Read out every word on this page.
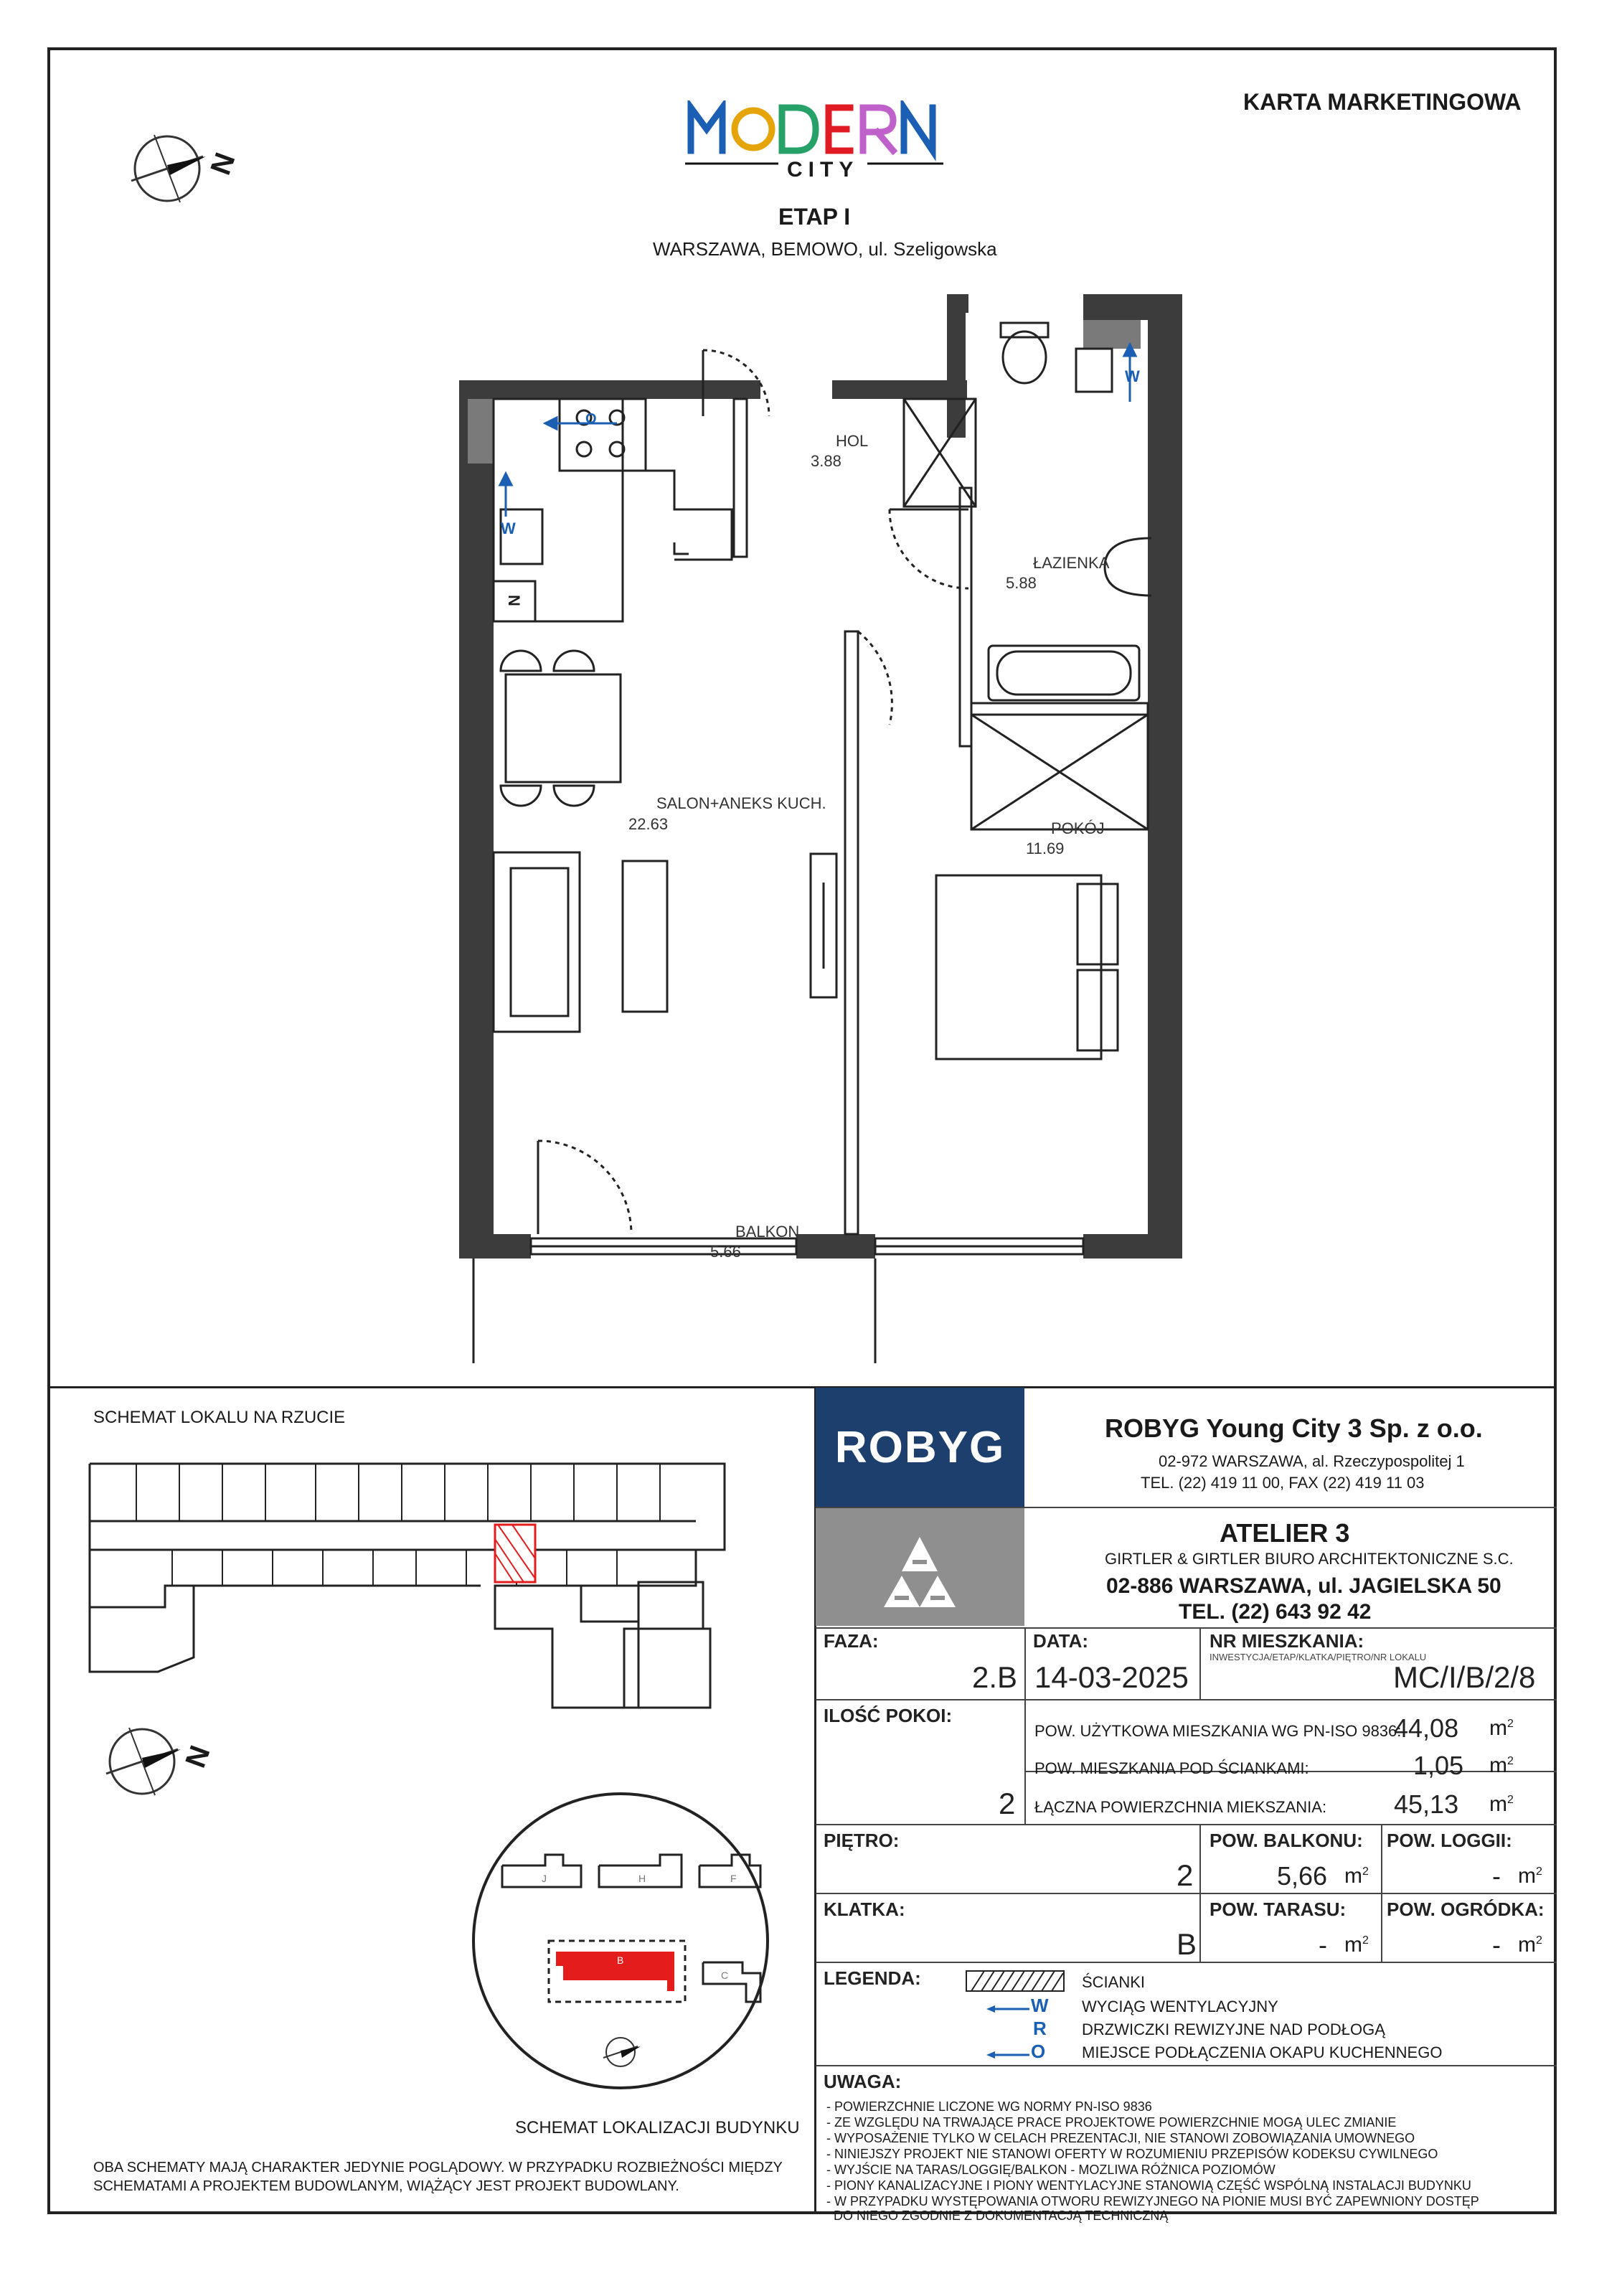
KARTA MARKETINGOWA
CITY
ETAP I
WARSZAWA, BEMOWO, ul. Szeligowska
N
O
W
W
N
HOL
3.88
ŁAZIENKA
5.88
SALON+ANEKS KUCH.
22.63	POKÓJ
11.69
BALKON
5.66
SCHEMAT LOKALU NA RZUCIE
N
J	H	F
B
C
SCHEMAT LOKALIZACJI BUDYNKU
OBA SCHEMATY MAJĄ CHARAKTER JEDYNIE POGLĄDOWY. W PRZYPADKU ROZBIEŻNOŚCI MIĘDZY
SCHEMATAMI A PROJEKTEM BUDOWLANYM, WIĄŻĄCY JEST PROJEKT BUDOWLANY.
ROBYG	ROBYG Young City 3 Sp. z o.o.
02-972 WARSZAWA, al. Rzeczypospolitej 1
TEL. (22) 419 11 00, FAX (22) 419 11 03
ATELIER 3
GIRTLER & GIRTLER BIURO ARCHITEKTONICZNE S.C.
02-886 WARSZAWA, ul. JAGIELSKA 50
TEL. (22) 643 92 42
FAZA:
2.B
DATA:
14-03-2025
NR MIESZKANIA:
INWESTYCJA/ETAP/KLATKA/PIĘTRO/NR LOKALU
MC/I/B/2/8
ILOŚĆ POKOI:
2
POW. UŻYTKOWA MIESZKANIA WG PN-ISO 9836:
44,08 $m^2$
POW. MIESZKANIA POD ŚCIANKAMI:	1,05 $m^2$
ŁĄCZNA POWIERZCHNIA MIEKSZANIA:	45,13 $m^2$
PIĘTRO:
2
POW. BALKONU:
5,66 $m^2$
POW. LOGGII:
- $m^2$
KLATKA:
B
POW. TARASU:
- $m^2$
POW. OGRÓDKA:
- $m^2$
LEGENDA:	ŚCIANKI
W WYCIĄG WENTYLACYJNY
R DRZWICZKI REWIZYJNE NAD PODŁOGĄ
O MIEJSCE PODŁĄCZENIA OKAPU KUCHENNEGO
UWAGA:
- POWIERZCHNIE LICZONE WG NORMY PN-ISO 9836
- ZE WZGLĘDU NA TRWAJĄCE PRACE PROJEKTOWE POWIERZCHNIE MOGĄ ULEC ZMIANIE
- WYPOSAŻENIE TYLKO W CELACH PREZENTACJI, NIE STANOWI ZOBOWIĄZANIA UMOWNEGO
- NINIEJSZY PROJEKT NIE STANOWI OFERTY W ROZUMIENIU PRZEPISÓW KODEKSU CYWILNEGO
- WYJŚCIE NA TARAS/LOGGIĘ/BALKON - MOZLIWA RÓŻNICA POZIOMÓW
- PIONY KANALIZACYJNE I PIONY WENTYLACYJNE STANOWIĄ CZĘŚĆ WSPÓLNĄ INSTALACJI BUDYNKU
- W PRZYPADKU WYSTĘPOWANIA OTWORU REWIZYJNEGO NA PIONIE MUSI BYĆ ZAPEWNIONY DOSTĘP
DO NIEGO ZGODNIE Z DOKUMENTACJĄ TECHNICZNĄ
